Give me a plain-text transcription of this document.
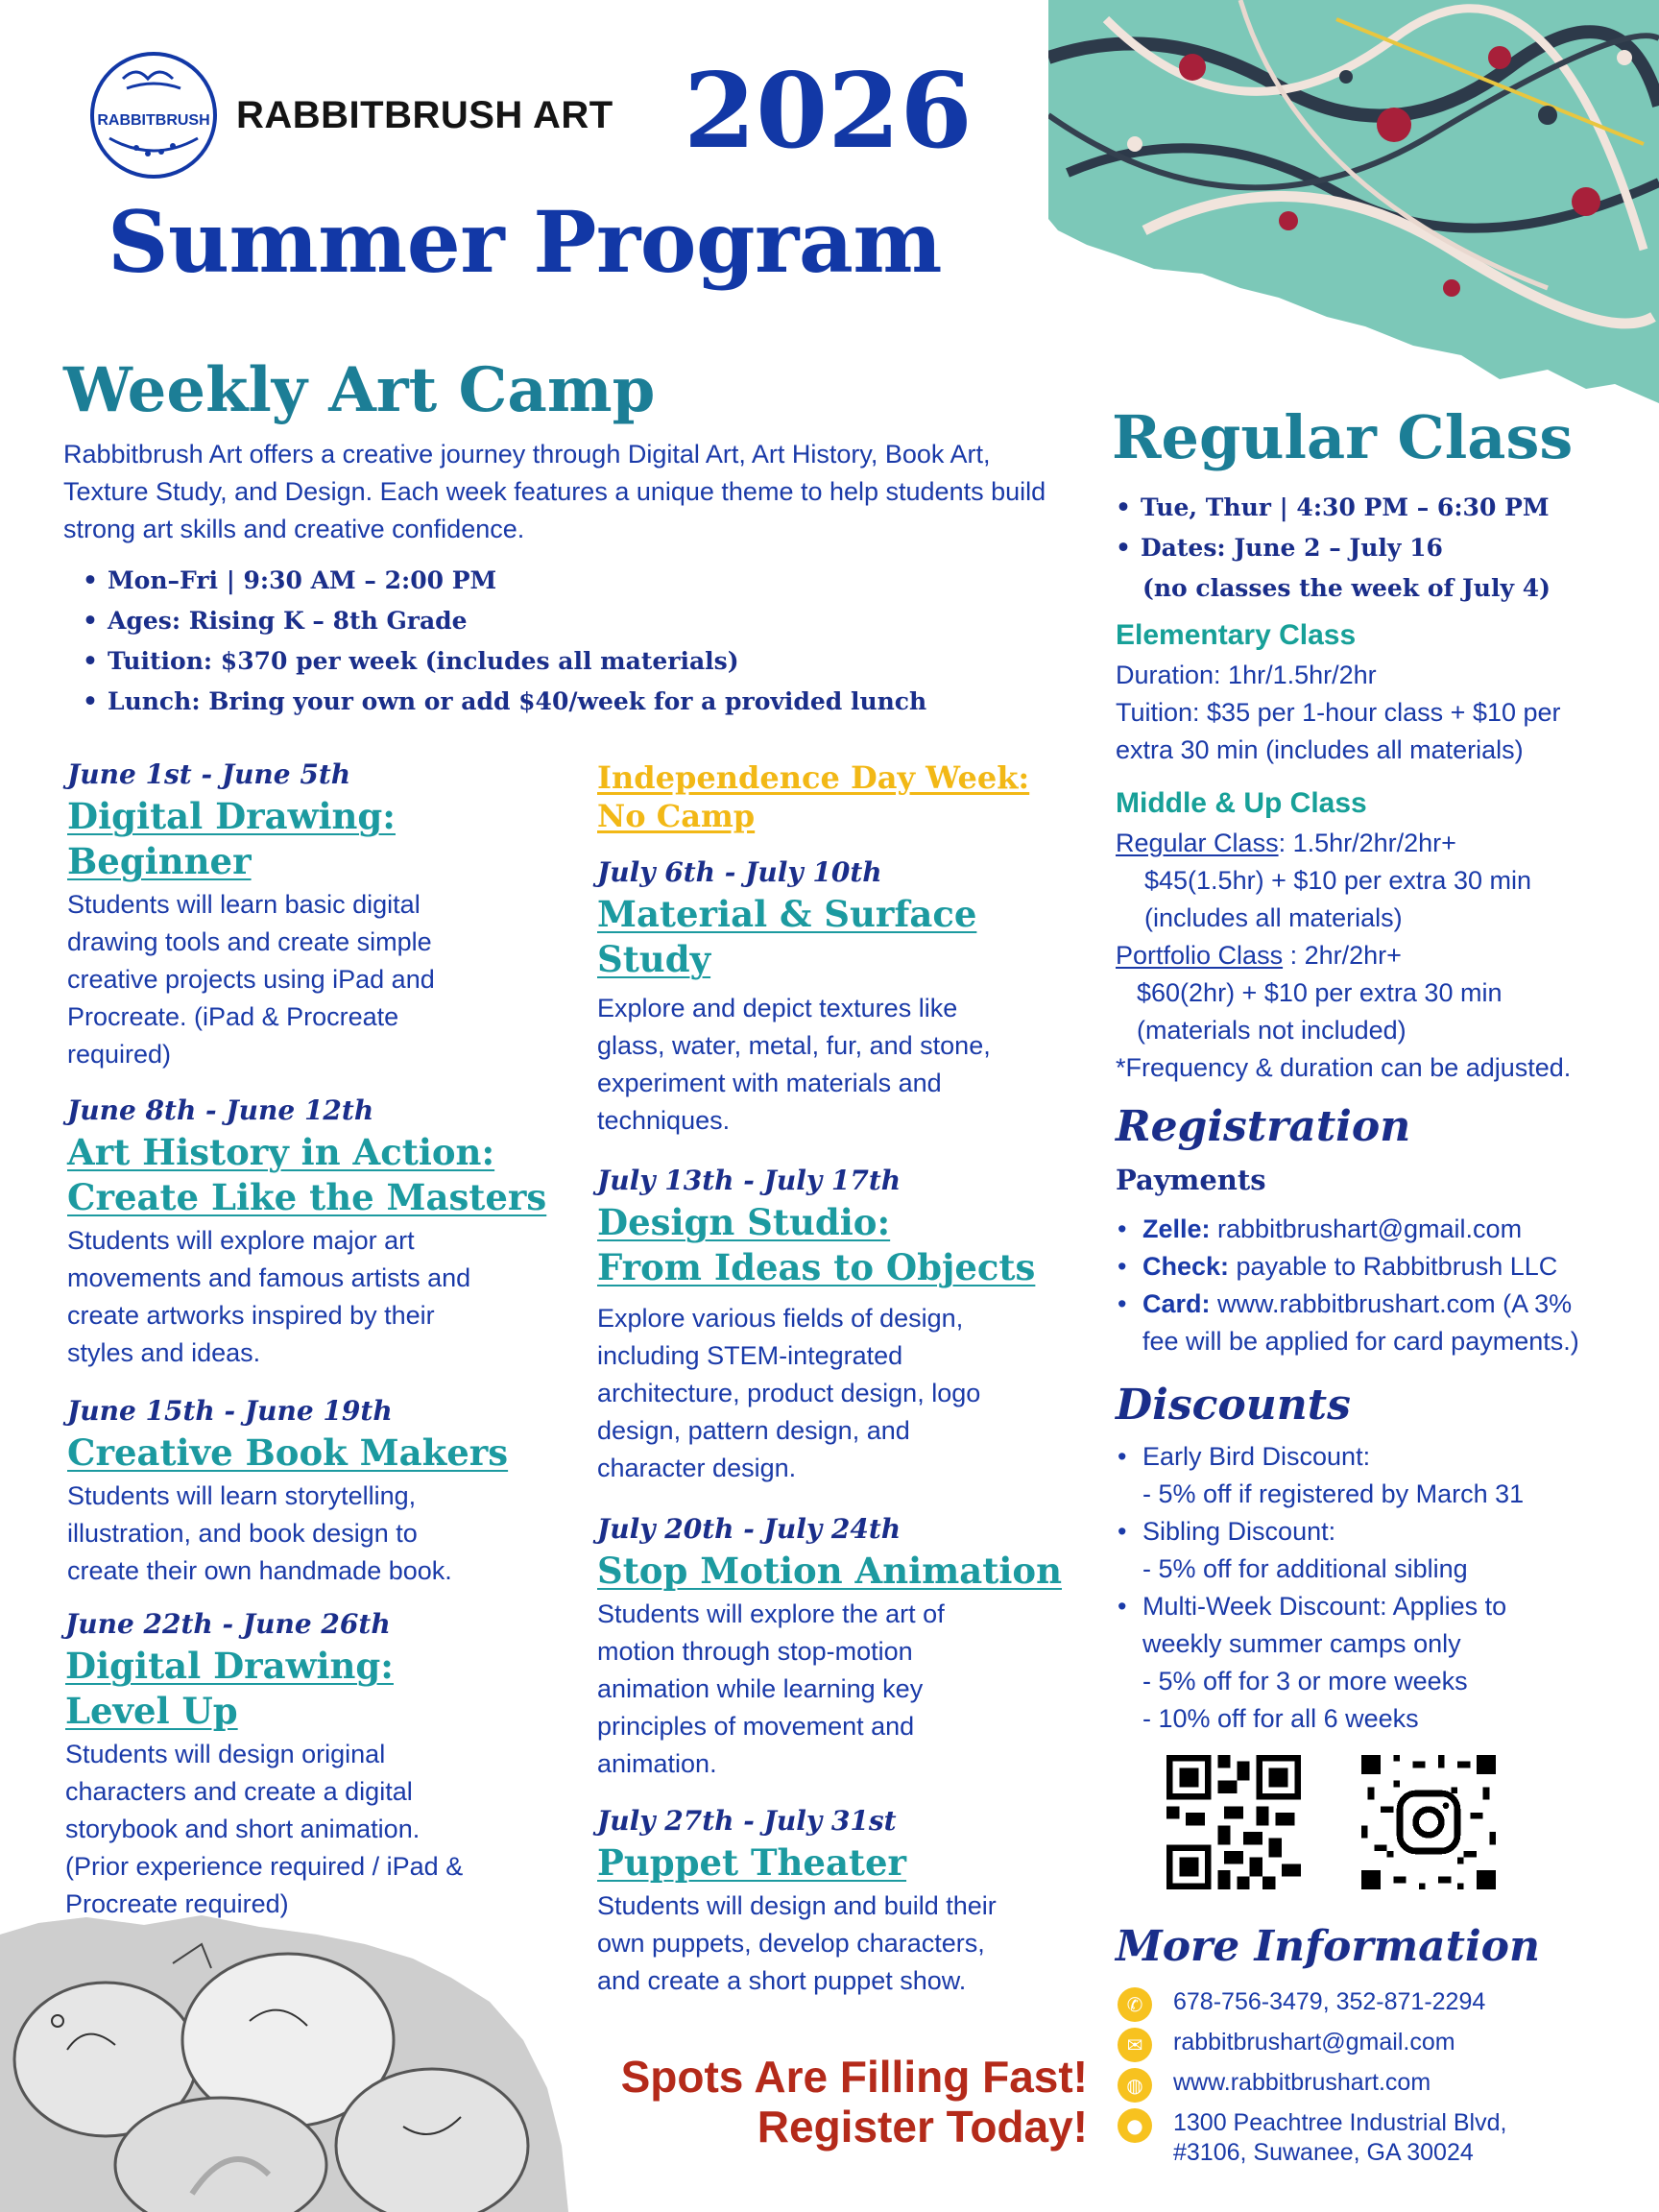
RABBITBRUSH RABBITBRUSH ART 2026
Summer Program
Weekly Art Camp
Rabbitbrush Art offers a creative journey through Digital Art, Art History, Book Art, Texture Study, and Design. Each week features a unique theme to help students build strong art skills and creative confidence.
• Mon–Fri | 9:30 AM – 2:00 PM
• Ages: Rising K – 8th Grade
• Tuition: $370 per week (includes all materials)
• Lunch: Bring your own or add $40/week for a provided lunch
June 1st - June 5th
Digital Drawing:
Beginner
Students will learn basic digital
drawing tools and create simple
creative projects using iPad and
Procreate. (iPad & Procreate
required)
June 8th - June 12th
Art History in Action:
Create Like the Masters
Students will explore major art
movements and famous artists and
create artworks inspired by their
styles and ideas.
June 15th - June 19th
Creative Book Makers
Students will learn storytelling,
illustration, and book design to
create their own handmade book.
June 22th - June 26th
Digital Drawing:
Level Up
Students will design original
characters and create a digital
storybook and short animation.
(Prior experience required / iPad &
Procreate required)
Independence Day Week:
No Camp
July 6th - July 10th
Material & Surface
Study
Explore and depict textures like
glass, water, metal, fur, and stone,
experiment with materials and
techniques.
July 13th - July 17th
Design Studio:
From Ideas to Objects
Explore various fields of design,
including STEM-integrated
architecture, product design, logo
design, pattern design, and
character design.
July 20th - July 24th
Stop Motion Animation
Students will explore the art of
motion through stop-motion
animation while learning key
principles of movement and
animation.
July 27th - July 31st
Puppet Theater
Students will design and build their
own puppets, develop characters,
and create a short puppet show.
Regular Class
• Tue, Thur | 4:30 PM – 6:30 PM
• Dates: June 2 – July 16
(no classes the week of July 4)
Elementary Class
Duration: 1hr/1.5hr/2hr
Tuition: $35 per 1-hour class + $10 per
extra 30 min (includes all materials)
Middle & Up Class
Regular Class: 1.5hr/2hr/2hr+
$45(1.5hr) + $10 per extra 30 min
(includes all materials)
Portfolio Class : 2hr/2hr+
$60(2hr) + $10 per extra 30 min
(materials not included)
*Frequency & duration can be adjusted.
Registration
Payments
• Zelle: rabbitbrushart@gmail.com
• Check: payable to Rabbitbrush LLC
• Card: www.rabbitbrushart.com (A 3%
fee will be applied for card payments.)
Discounts
• Early Bird Discount:
- 5% off if registered by March 31
• Sibling Discount:
- 5% off for additional sibling
• Multi-Week Discount: Applies to
weekly summer camps only
- 5% off for 3 or more weeks
- 10% off for all 6 weeks
More Information
✆	678-756-3479, 352-871-2294
✉	rabbitbrushart@gmail.com
◍	www.rabbitbrushart.com
●	1300 Peachtree Industrial Blvd,
#3106, Suwanee, GA 30024
Spots Are Filling Fast!
Register Today!
